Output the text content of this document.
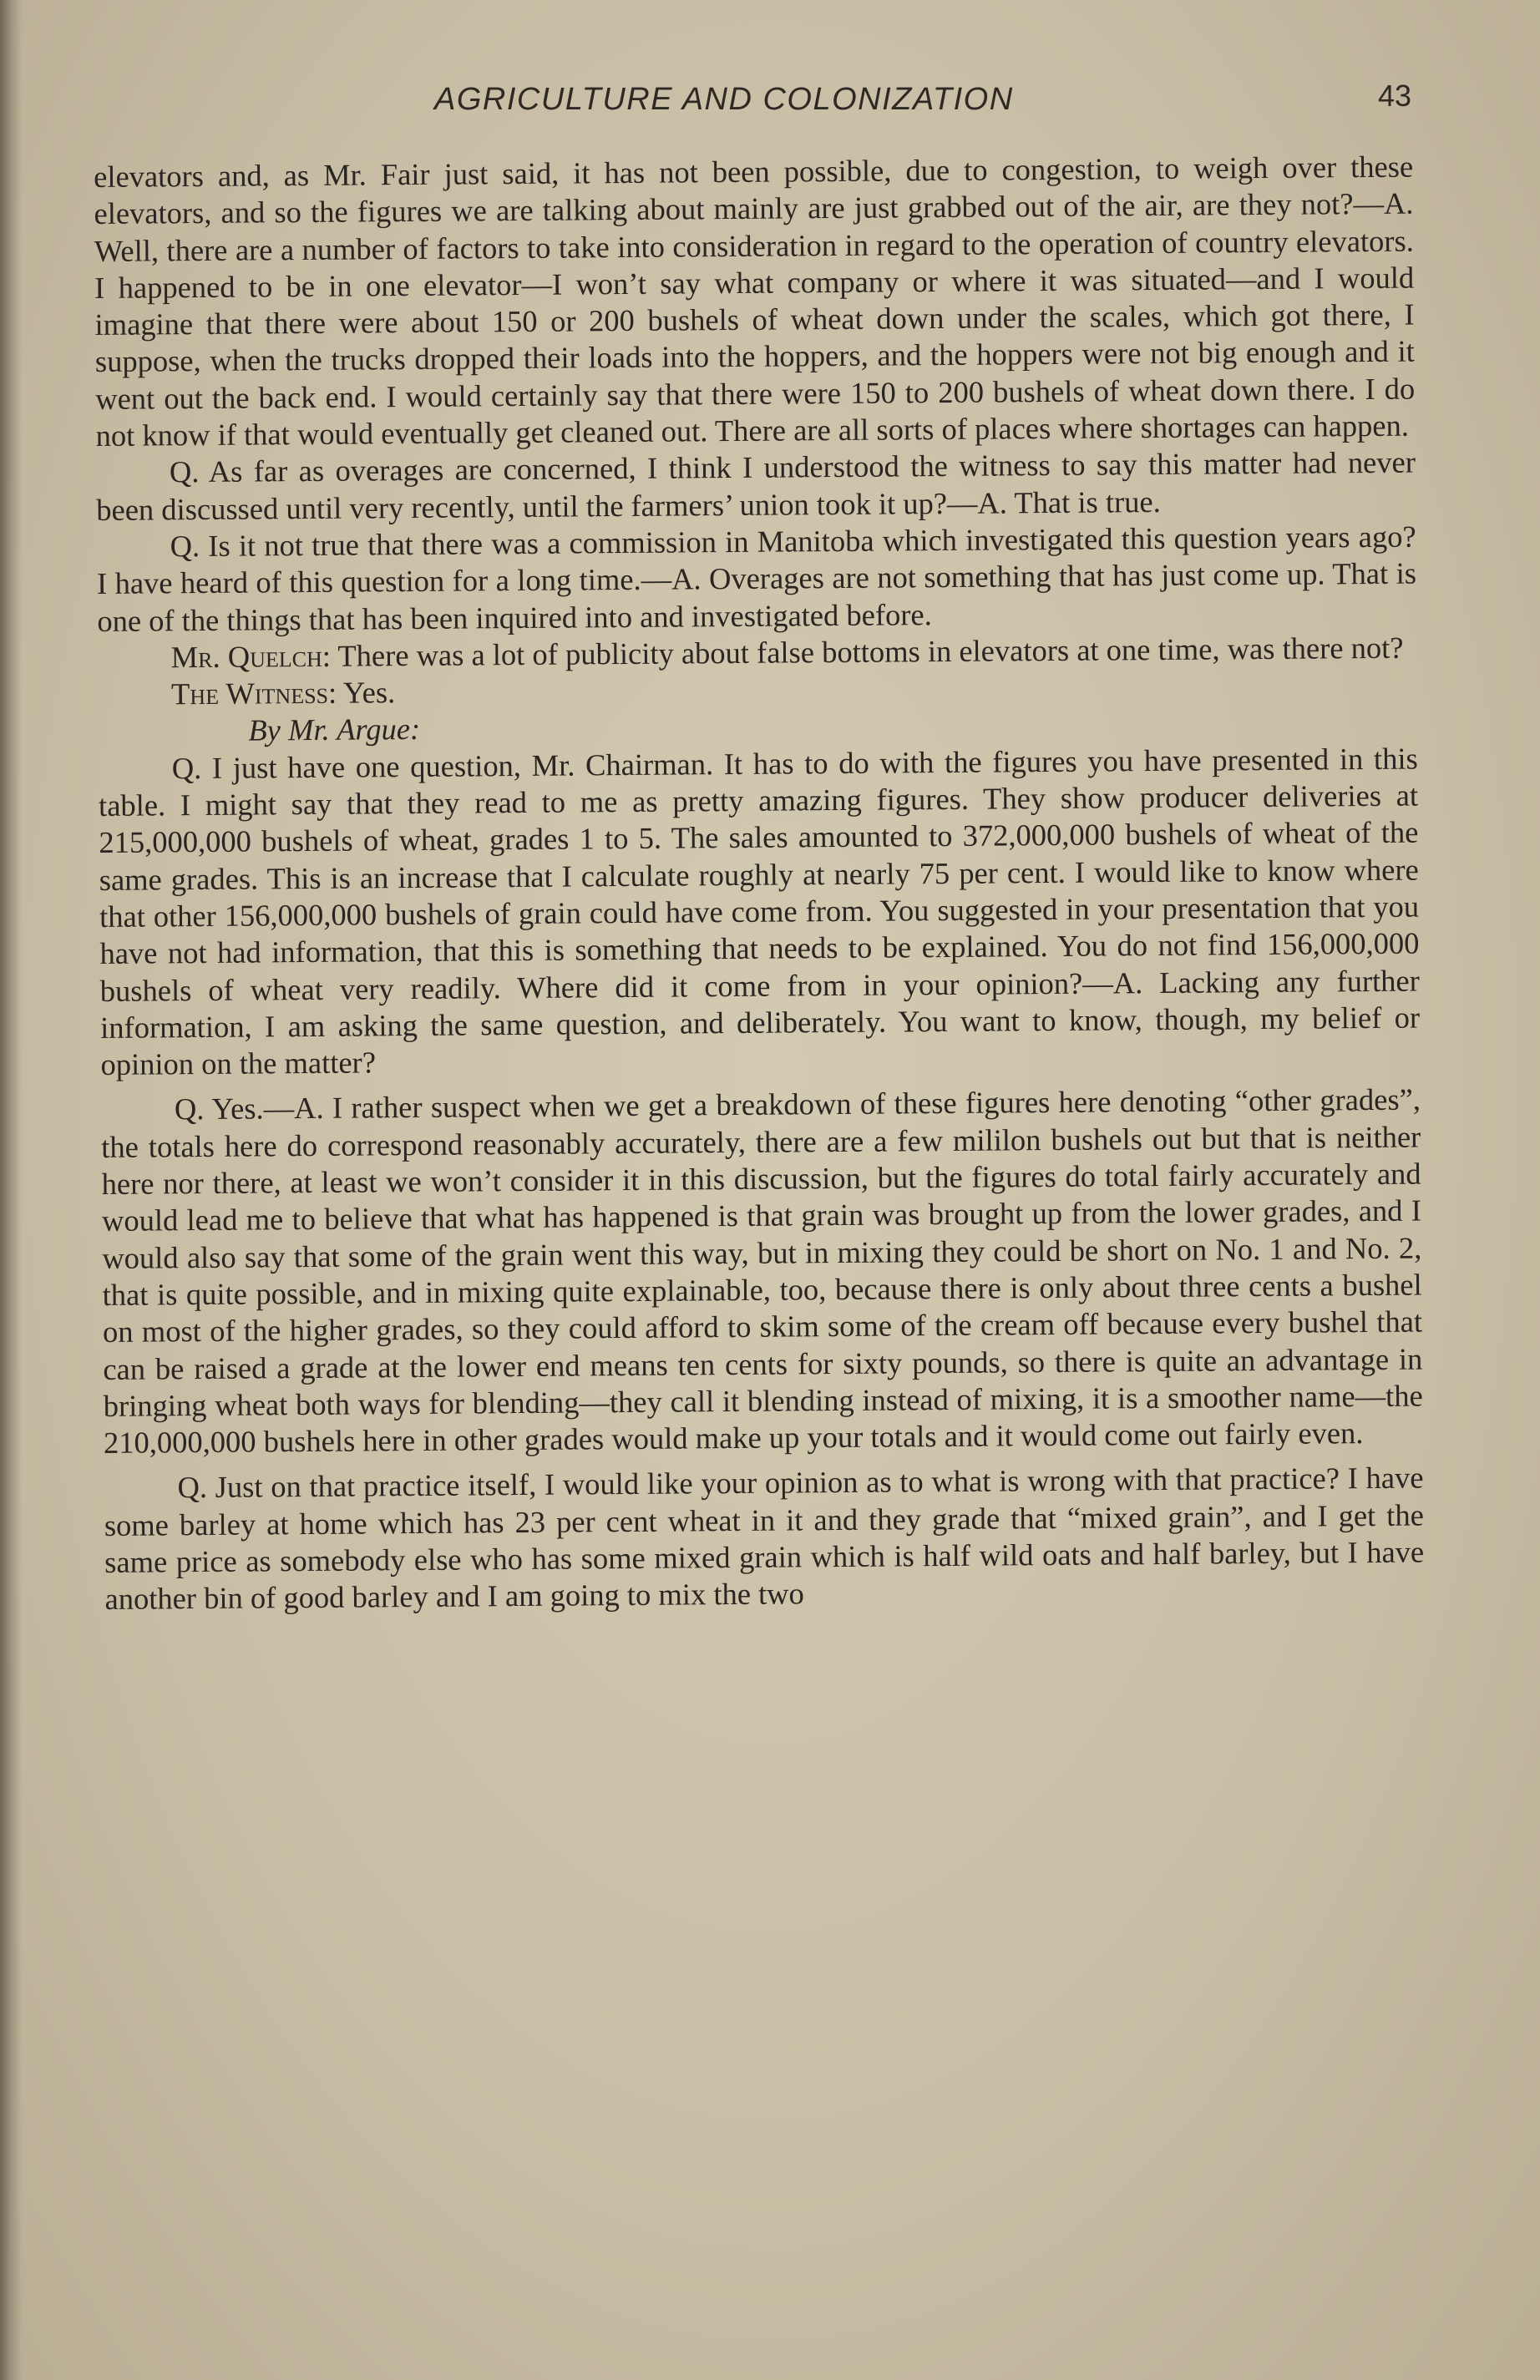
AGRICULTURE AND COLONIZATION	43

elevators and, as Mr. Fair just said, it has not been possible, due to congestion, to weigh over these elevators, and so the figures we are talking about mainly are just grabbed out of the air, are they not?—A. Well, there are a number of factors to take into consideration in regard to the operation of country elevators. I happened to be in one elevator—I won’t say what company or where it was situated—and I would imagine that there were about 150 or 200 bushels of wheat down under the scales, which got there, I suppose, when the trucks dropped their loads into the hoppers, and the hoppers were not big enough and it went out the back end. I would certainly say that there were 150 to 200 bushels of wheat down there. I do not know if that would eventually get cleaned out. There are all sorts of places where shortages can happen.

Q. As far as overages are concerned, I think I understood the witness to say this matter had never been discussed until very recently, until the farmers’ union took it up?—A. That is true.

Q. Is it not true that there was a commission in Manitoba which investigated this question years ago? I have heard of this question for a long time.—A. Overages are not something that has just come up. That is one of the things that has been inquired into and investigated before.

Mr. Quelch: There was a lot of publicity about false bottoms in elevators at one time, was there not?

The Witness: Yes.

By Mr. Argue:

Q. I just have one question, Mr. Chairman. It has to do with the figures you have presented in this table. I might say that they read to me as pretty amazing figures. They show producer deliveries at 215,000,000 bushels of wheat, grades 1 to 5. The sales amounted to 372,000,000 bushels of wheat of the same grades. This is an increase that I calculate roughly at nearly 75 per cent. I would like to know where that other 156,000,000 bushels of grain could have come from. You suggested in your presentation that you have not had information, that this is something that needs to be explained. You do not find 156,000,000 bushels of wheat very readily. Where did it come from in your opinion?—A. Lacking any further information, I am asking the same question, and deliberately. You want to know, though, my belief or opinion on the matter?

Q. Yes.—A. I rather suspect when we get a breakdown of these figures here denoting “other grades”, the totals here do correspond reasonably accurately, there are a few mililon bushels out but that is neither here nor there, at least we won’t consider it in this discussion, but the figures do total fairly accurately and would lead me to believe that what has happened is that grain was brought up from the lower grades, and I would also say that some of the grain went this way, but in mixing they could be short on No. 1 and No. 2, that is quite possible, and in mixing quite explainable, too, because there is only about three cents a bushel on most of the higher grades, so they could afford to skim some of the cream off because every bushel that can be raised a grade at the lower end means ten cents for sixty pounds, so there is quite an advantage in bringing wheat both ways for blending—they call it blending instead of mixing, it is a smoother name—the 210,000,000 bushels here in other grades would make up your totals and it would come out fairly even.

Q. Just on that practice itself, I would like your opinion as to what is wrong with that practice? I have some barley at home which has 23 per cent wheat in it and they grade that “mixed grain”, and I get the same price as somebody else who has some mixed grain which is half wild oats and half barley, but I have another bin of good barley and I am going to mix the two
